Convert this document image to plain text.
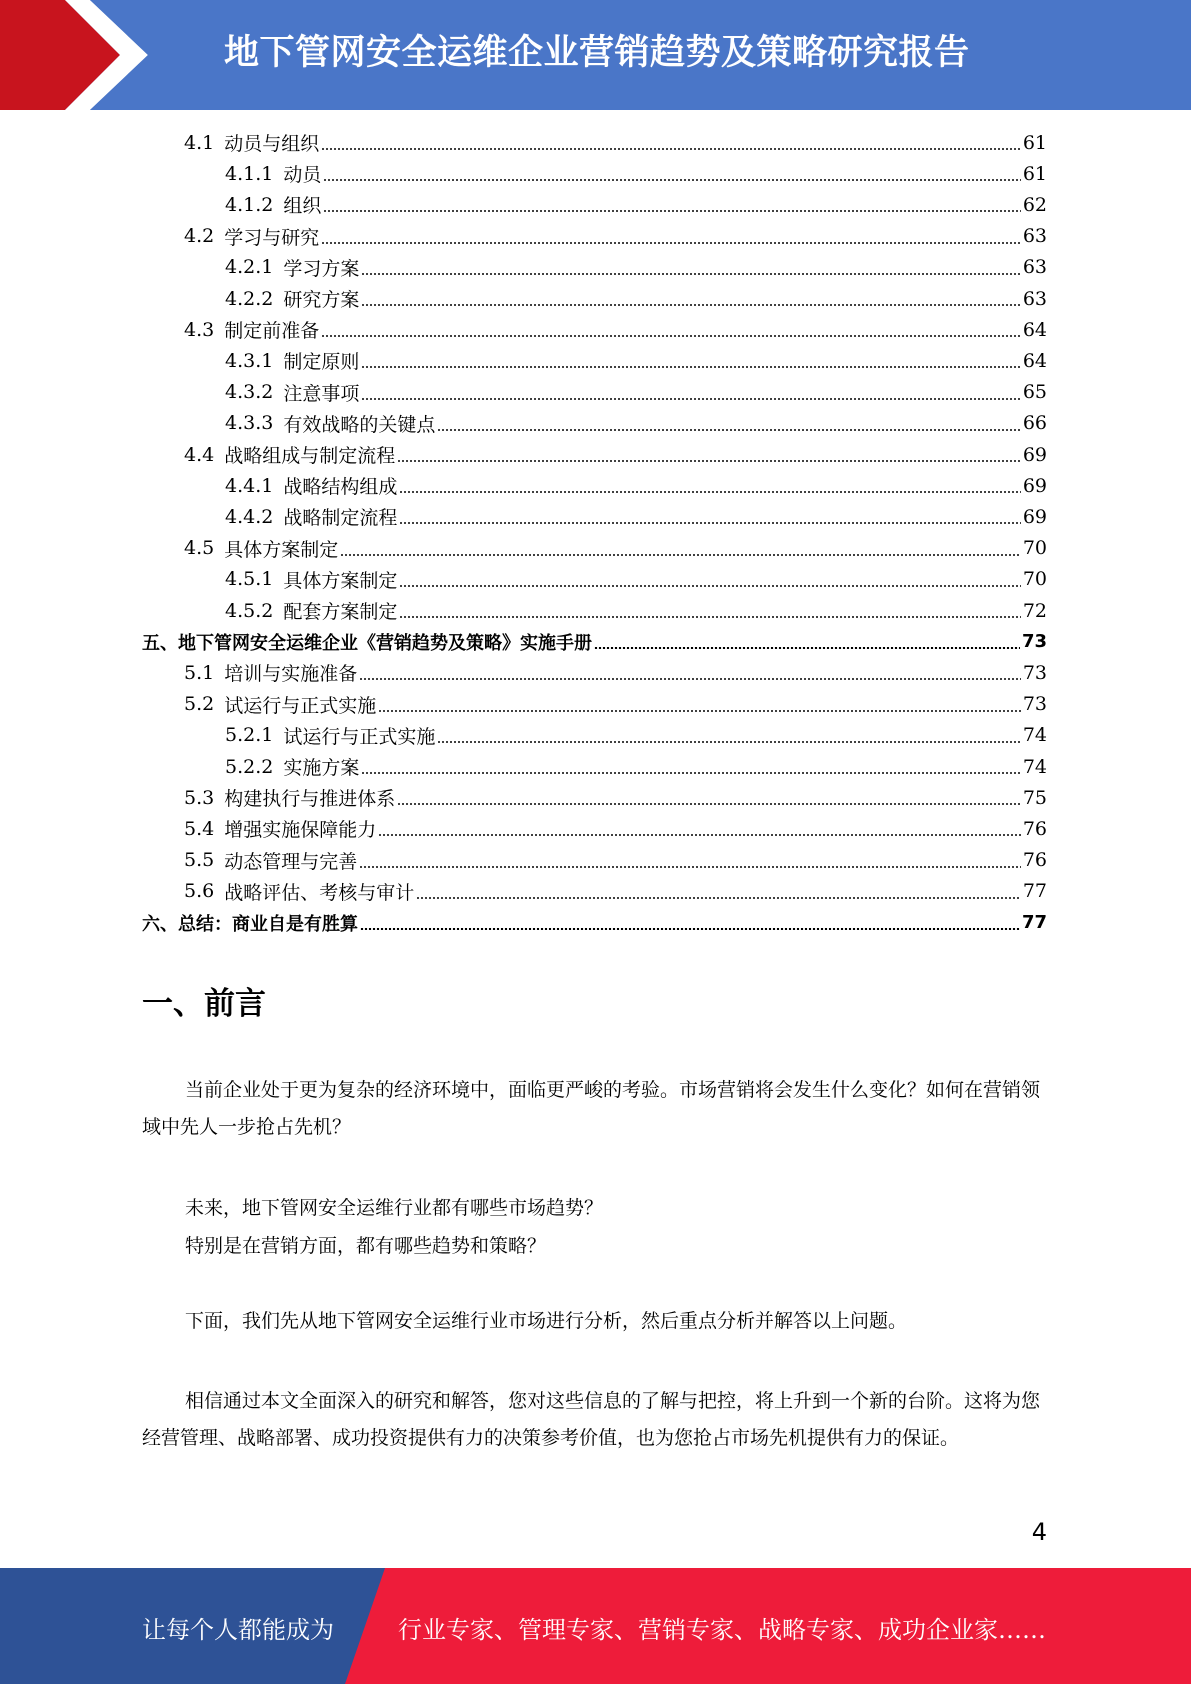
地下管网安全运维企业营销趋势及策略研究报告
4.1 动员与组织	61
4.1.1 动员	61
4.1.2 组织	62
4.2 学习与研究	63
4.2.1 学习方案	63
4.2.2 研究方案	63
4.3 制定前准备	64
4.3.1 制定原则	64
4.3.2 注意事项	65
4.3.3 有效战略的关键点	66
4.4 战略组成与制定流程	69
4.4.1 战略结构组成	69
4.4.2 战略制定流程	69
4.5 具体方案制定	70
4.5.1 具体方案制定	70
4.5.2 配套方案制定	72
五、地下管网安全运维企业《营销趋势及策略》实施手册	73
5.1 培训与实施准备	73
5.2 试运行与正式实施	73
5.2.1 试运行与正式实施	74
5.2.2 实施方案	74
5.3 构建执行与推进体系	75
5.4 增强实施保障能力	76
5.5 动态管理与完善	76
5.6 战略评估、考核与审计	77
六、总结：商业自是有胜算	77
一、前言

当前企业处于更为复杂的经济环境中，面临更严峻的考验。市场营销将会发生什么变化？如何在营销领域中先人一步抢占先机？

未来，地下管网安全运维行业都有哪些市场趋势？

特别是在营销方面，都有哪些趋势和策略？

下面，我们先从地下管网安全运维行业市场进行分析，然后重点分析并解答以上问题。

相信通过本文全面深入的研究和解答，您对这些信息的了解与把控，将上升到一个新的台阶。这将为您经营管理、战略部署、成功投资提供有力的决策参考价值，也为您抢占市场先机提供有力的保证。

4
让每个人都能成为	行业专家、管理专家、营销专家、战略专家、成功企业家……
